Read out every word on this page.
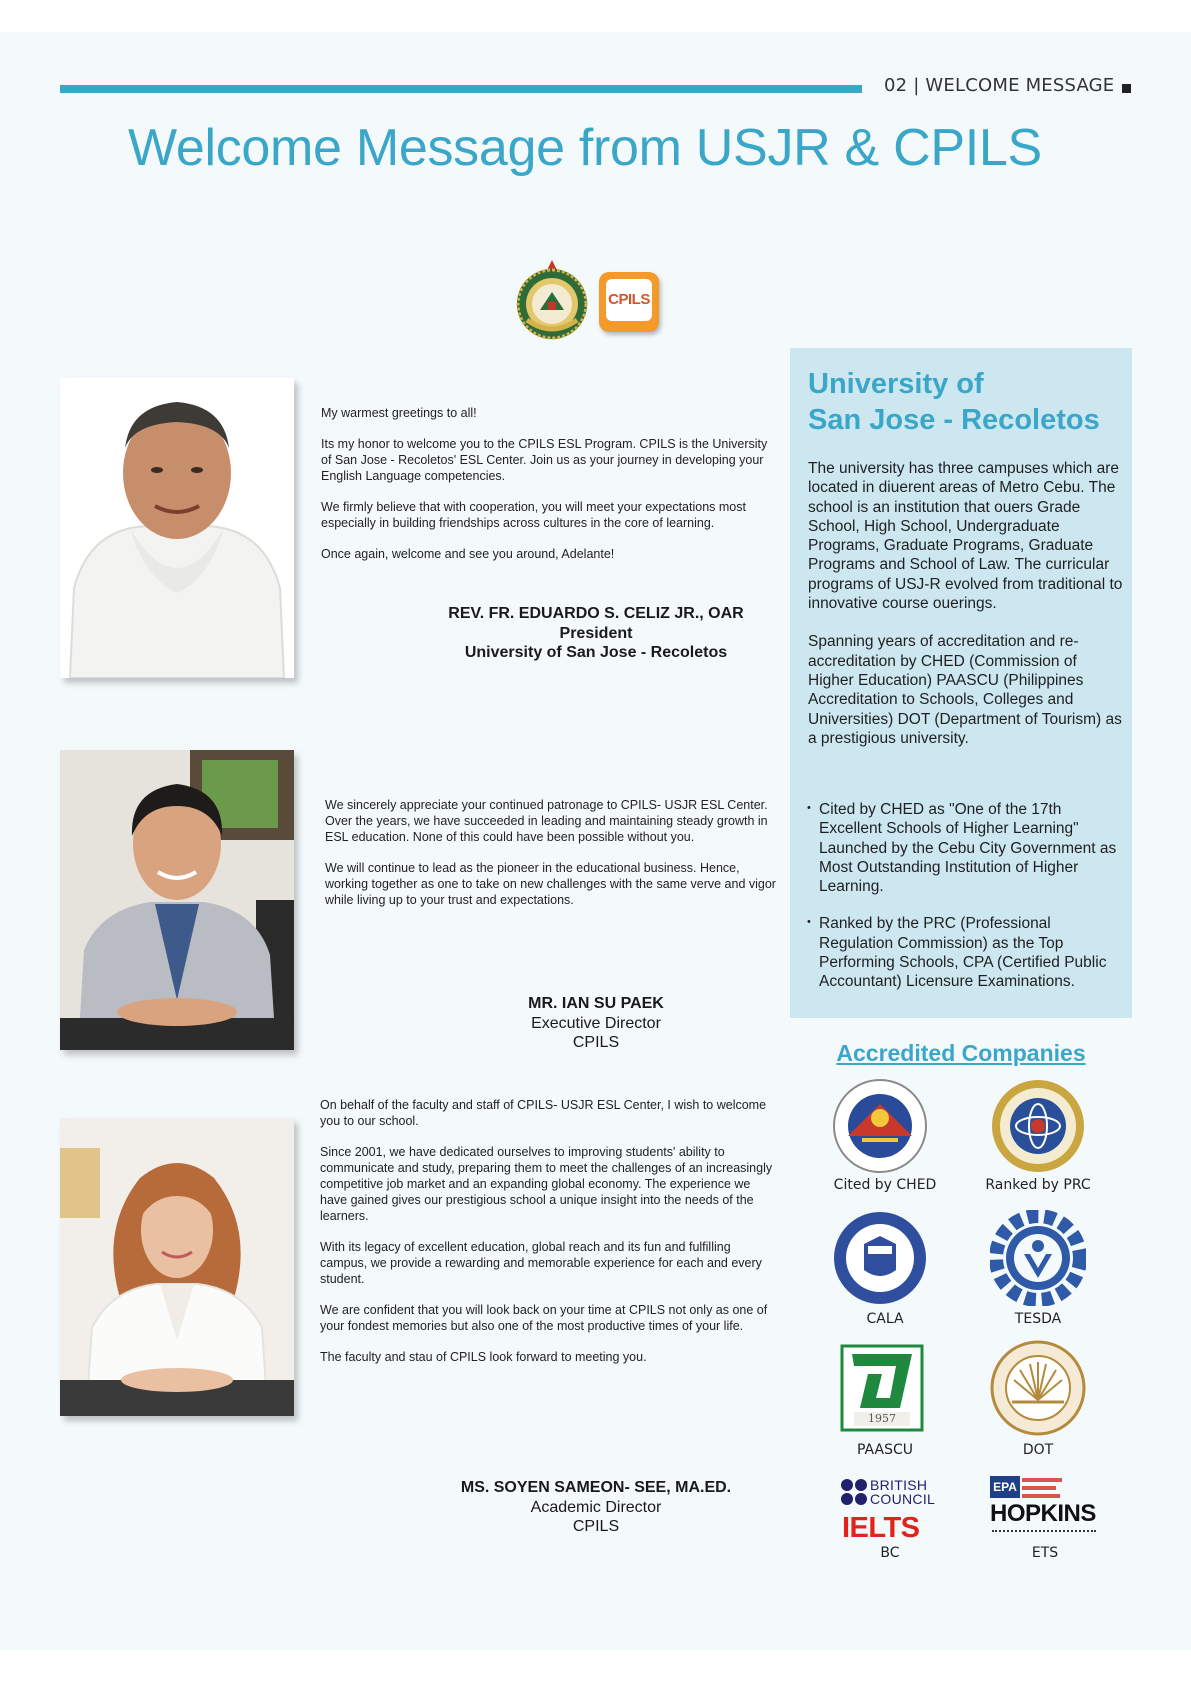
02 | WELCOME MESSAGE
Welcome Message from USJR & CPILS
CPILS

My warmest greetings to all!

Its my honor to welcome you to the CPILS ESL Program. CPILS is the University of San Jose - Recoletos' ESL Center. Join us as your journey in developing your English Language competencies.

We firmly believe that with cooperation, you will meet your expectations most especially in building friendships across cultures in the core of learning.

Once again, welcome and see you around, Adelante!

REV. FR. EDUARDO S. CELIZ JR., OAR
President
University of San Jose - Recoletos

We sincerely appreciate your continued patronage to CPILS- USJR ESL Center. Over the years, we have succeeded in leading and maintaining steady growth in ESL education. None of this could have been possible without you.

We will continue to lead as the pioneer in the educational business. Hence, working together as one to take on new challenges with the same verve and vigor while living up to your trust and expectations.

MR. IAN SU PAEK
Executive Director
CPILS

On behalf of the faculty and staff of CPILS- USJR ESL Center, I wish to welcome you to our school.

Since 2001, we have dedicated ourselves to improving students' ability to communicate and study, preparing them to meet the challenges of an increasingly competitive job market and an expanding global economy. The experience we have gained gives our prestigious school a unique insight into the needs of the learners.

With its legacy of excellent education, global reach and its fun and fulfilling campus, we provide a rewarding and memorable experience for each and every student.

We are confident that you will look back on your time at CPILS not only as one of your fondest memories but also one of the most productive times of your life.

The faculty and stau of CPILS look forward to meeting you.

MS. SOYEN SAMEON- SEE, MA.ED.
Academic Director
CPILS
University of
San Jose - Recoletos

The university has three campuses which are located in diuerent areas of Metro Cebu. The school is an institution that ouers Grade School, High School, Undergraduate Programs, Graduate Programs, Graduate Programs and School of Law. The curricular programs of USJ-R evolved from traditional to innovative course ouerings.

Spanning years of accreditation and re-accreditation by CHED (Commission of Higher Education) PAASCU (Philippines Accreditation to Schools, Colleges and Universities) DOT (Department of Tourism) as a prestigious university.

• Cited by CHED as "One of the 17th Excellent Schools of Higher Learning" Launched by the Cebu City Government as Most Outstanding Institution of Higher Learning.
• Ranked by the PRC (Professional Regulation Commission) as the Top Performing Schools, CPA (Certified Public Accountant) Licensure Examinations.
Accredited Companies
Cited by CHED	Ranked by PRC
CALA	TESDA
1957
PAASCU	DOT
BRITISH
COUNCIL
IELTS
BC
EPA
HOPKINS
ETS
